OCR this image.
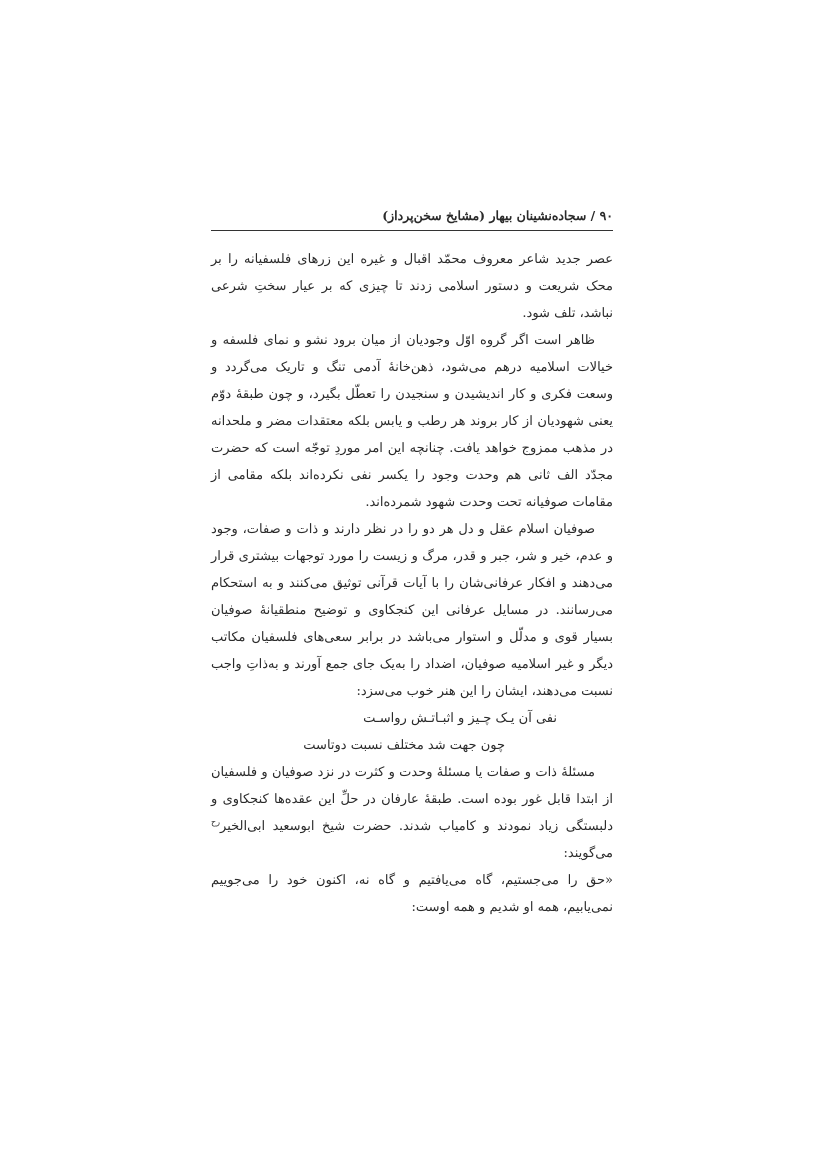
۹۰ / سجاده‌نشینان بیهار (مشایخ سخن‌پرداز)

عصر جدید شاعر معروف محمّد اقبال و غیره این زرهای فلسفیانه را بر محک شریعت و دستور اسلامی زدند تا چیزی که بر عیار سختِ شرعی نباشد، تلف شود.

ظاهر است اگر گروه اوّل وجودیان از میان برود نشو و نمای فلسفه و خیالات اسلامیه درهم می‌شود، ذهن‌خانهٔ آدمی تنگ و تاریک می‌گردد و وسعت فکری و کار اندیشیدن و سنجیدن را تعطّل بگیرد، و چون طبقهٔ دوّم یعنی شهودیان از کار بروند هر رطب و یابس بلکه معتقدات مضر و ملحدانه در مذهب ممزوج خواهد یافت. چنانچه این امر موردِ توجّه است که حضرت مجدّد الف ثانی هم وحدت وجود را یکسر نفی نکرده‌اند بلکه مقامی از مقامات صوفیانه تحت وحدت شهود شمرده‌اند.

صوفیان اسلام عقل و دل هر دو را در نظر دارند و ذات و صفات، وجود و عدم، خیر و شر، جبر و قدر، مرگ و زیست را مورد توجهات بیشتری قرار می‌دهند و افکار عرفانی‌شان را با آیات قرآنی توثیق می‌کنند و به استحکام می‌رسانند. در مسایل عرفانی این کنجکاوی و توضیح منطقیانهٔ صوفیان بسیار قوی و مدلّل و استوار می‌باشد در برابر سعی‌های فلسفیان مکاتب دیگر و غیر اسلامیه صوفیان، اضداد را به‌یک جای جمع آورند و به‌ذاتِ واجب نسبت می‌دهند، ایشان را این هنر خوب می‌سزد:

نفی آن یـک چـیز و اثبـاتـش رواسـت

چون جهت شد مختلف نسبت دوتاست

مسئلهٔ ذات و صفات یا مسئلهٔ وحدت و کثرت در نزد صوفیان و فلسفیان از ابتدا قابل غور بوده است. طبقهٔ عارفان در حلِّ این عقده‌ها کنجکاوی و دلبستگی زیاد نمودند و کامیاب شدند. حضرت شیخ ابوسعید ابی‌الخیر$^{رح}$ می‌گویند:

«حق را می‌جستیم، گاه می‌یافتیم و گاه نه، اکنون خود را می‌جوییم نمی‌یابیم، همه او شدیم و همه اوست:
